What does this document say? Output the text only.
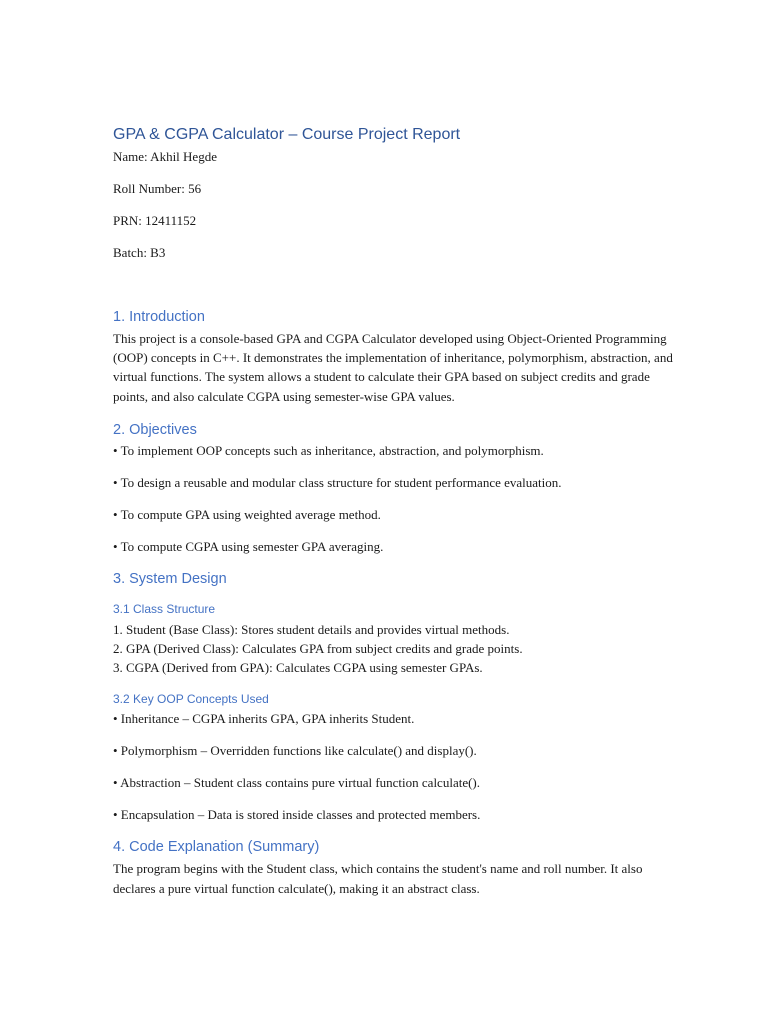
GPA & CGPA Calculator – Course Project Report

Name: Akhil Hegde

Roll Number: 56

PRN: 12411152

Batch: B3

1. Introduction

This project is a console-based GPA and CGPA Calculator developed using Object-Oriented Programming (OOP) concepts in C++. It demonstrates the implementation of inheritance, polymorphism, abstraction, and virtual functions. The system allows a student to calculate their GPA based on subject credits and grade points, and also calculate CGPA using semester-wise GPA values.

2. Objectives

• To implement OOP concepts such as inheritance, abstraction, and polymorphism.

• To design a reusable and modular class structure for student performance evaluation.

• To compute GPA using weighted average method.

• To compute CGPA using semester GPA averaging.

3. System Design
3.1 Class Structure

1. Student (Base Class): Stores student details and provides virtual methods.

2. GPA (Derived Class): Calculates GPA from subject credits and grade points.

3. CGPA (Derived from GPA): Calculates CGPA using semester GPAs.

3.2 Key OOP Concepts Used

• Inheritance – CGPA inherits GPA, GPA inherits Student.

• Polymorphism – Overridden functions like calculate() and display().

• Abstraction – Student class contains pure virtual function calculate().

• Encapsulation – Data is stored inside classes and protected members.

4. Code Explanation (Summary)

The program begins with the Student class, which contains the student's name and roll number. It also declares a pure virtual function calculate(), making it an abstract class.
